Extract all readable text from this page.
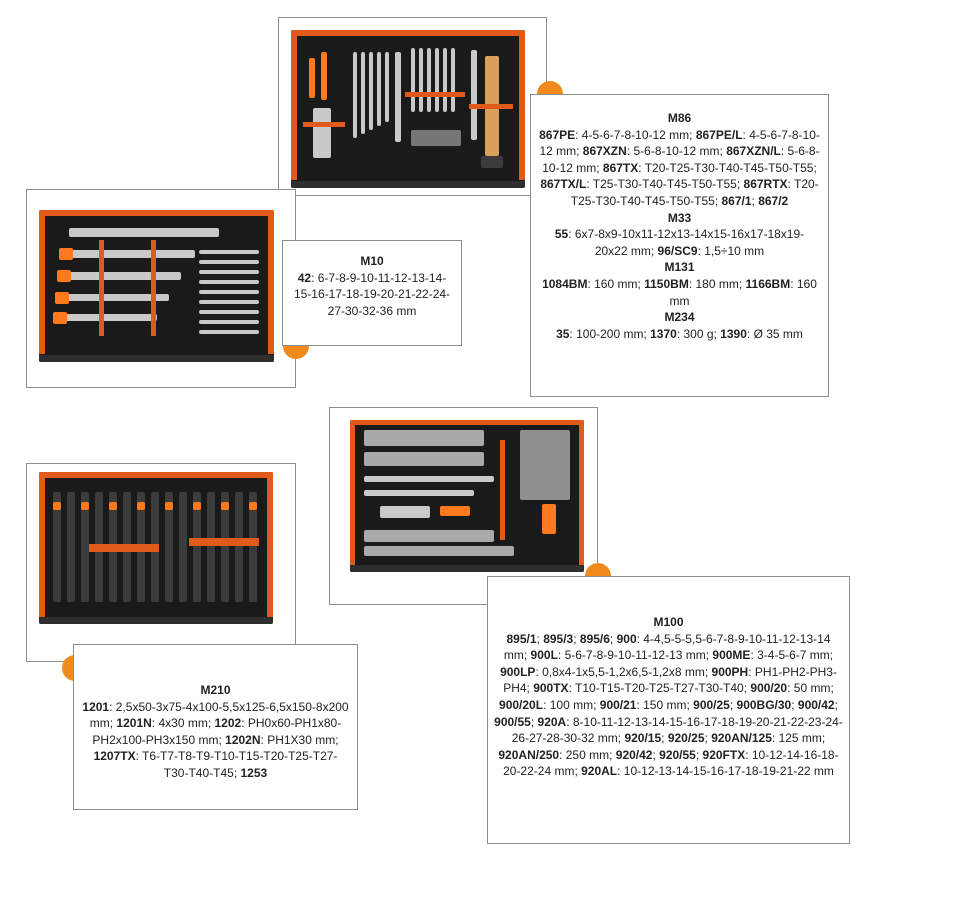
M86

867PE: 4-5-6-7-8-10-12 mm; 867PE/L: 4-5-6-7-8-10-12 mm; 867XZN: 5-6-8-10-12 mm; 867XZN/L: 5-6-8-10-12 mm; 867TX: T20-T25-T30-T40-T45-T50-T55; 867TX/L: T25-T30-T40-T45-T50-T55; 867RTX: T20-T25-T30-T40-T45-T50-T55; 867/1; 867/2

M33

55: 6x7-8x9-10x11-12x13-14x15-16x17-18x19-20x22 mm; 96/SC9: 1,5÷10 mm

M131

1084BM: 160 mm; 1150BM: 180 mm; 1166BM: 160 mm

M234

35: 100-200 mm; 1370: 300 g; 1390: Ø 35 mm

M10

42: 6-7-8-9-10-11-12-13-14-15-16-17-18-19-20-21-22-24-27-30-32-36 mm

M100

895/1; 895/3; 895/6; 900: 4-4,5-5-5,5-6-7-8-9-10-11-12-13-14 mm; 900L: 5-6-7-8-9-10-11-12-13 mm; 900ME: 3-4-5-6-7 mm; 900LP: 0,8x4-1x5,5-1,2x6,5-1,2x8 mm; 900PH: PH1-PH2-PH3-PH4; 900TX: T10-T15-T20-T25-T27-T30-T40; 900/20: 50 mm; 900/20L: 100 mm; 900/21: 150 mm; 900/25; 900BG/30; 900/42; 900/55; 920A: 8-10-11-12-13-14-15-16-17-18-19-20-21-22-23-24-26-27-28-30-32 mm; 920/15; 920/25; 920AN/125: 125 mm; 920AN/250: 250 mm; 920/42; 920/55; 920FTX: 10-12-14-16-18-20-22-24 mm; 920AL: 10-12-13-14-15-16-17-18-19-21-22 mm

M210

1201: 2,5x50-3x75-4x100-5,5x125-6,5x150-8x200 mm; 1201N: 4x30 mm; 1202: PH0x60-PH1x80-PH2x100-PH3x150 mm; 1202N: PH1X30 mm; 1207TX: T6-T7-T8-T9-T10-T15-T20-T25-T27-T30-T40-T45; 1253
